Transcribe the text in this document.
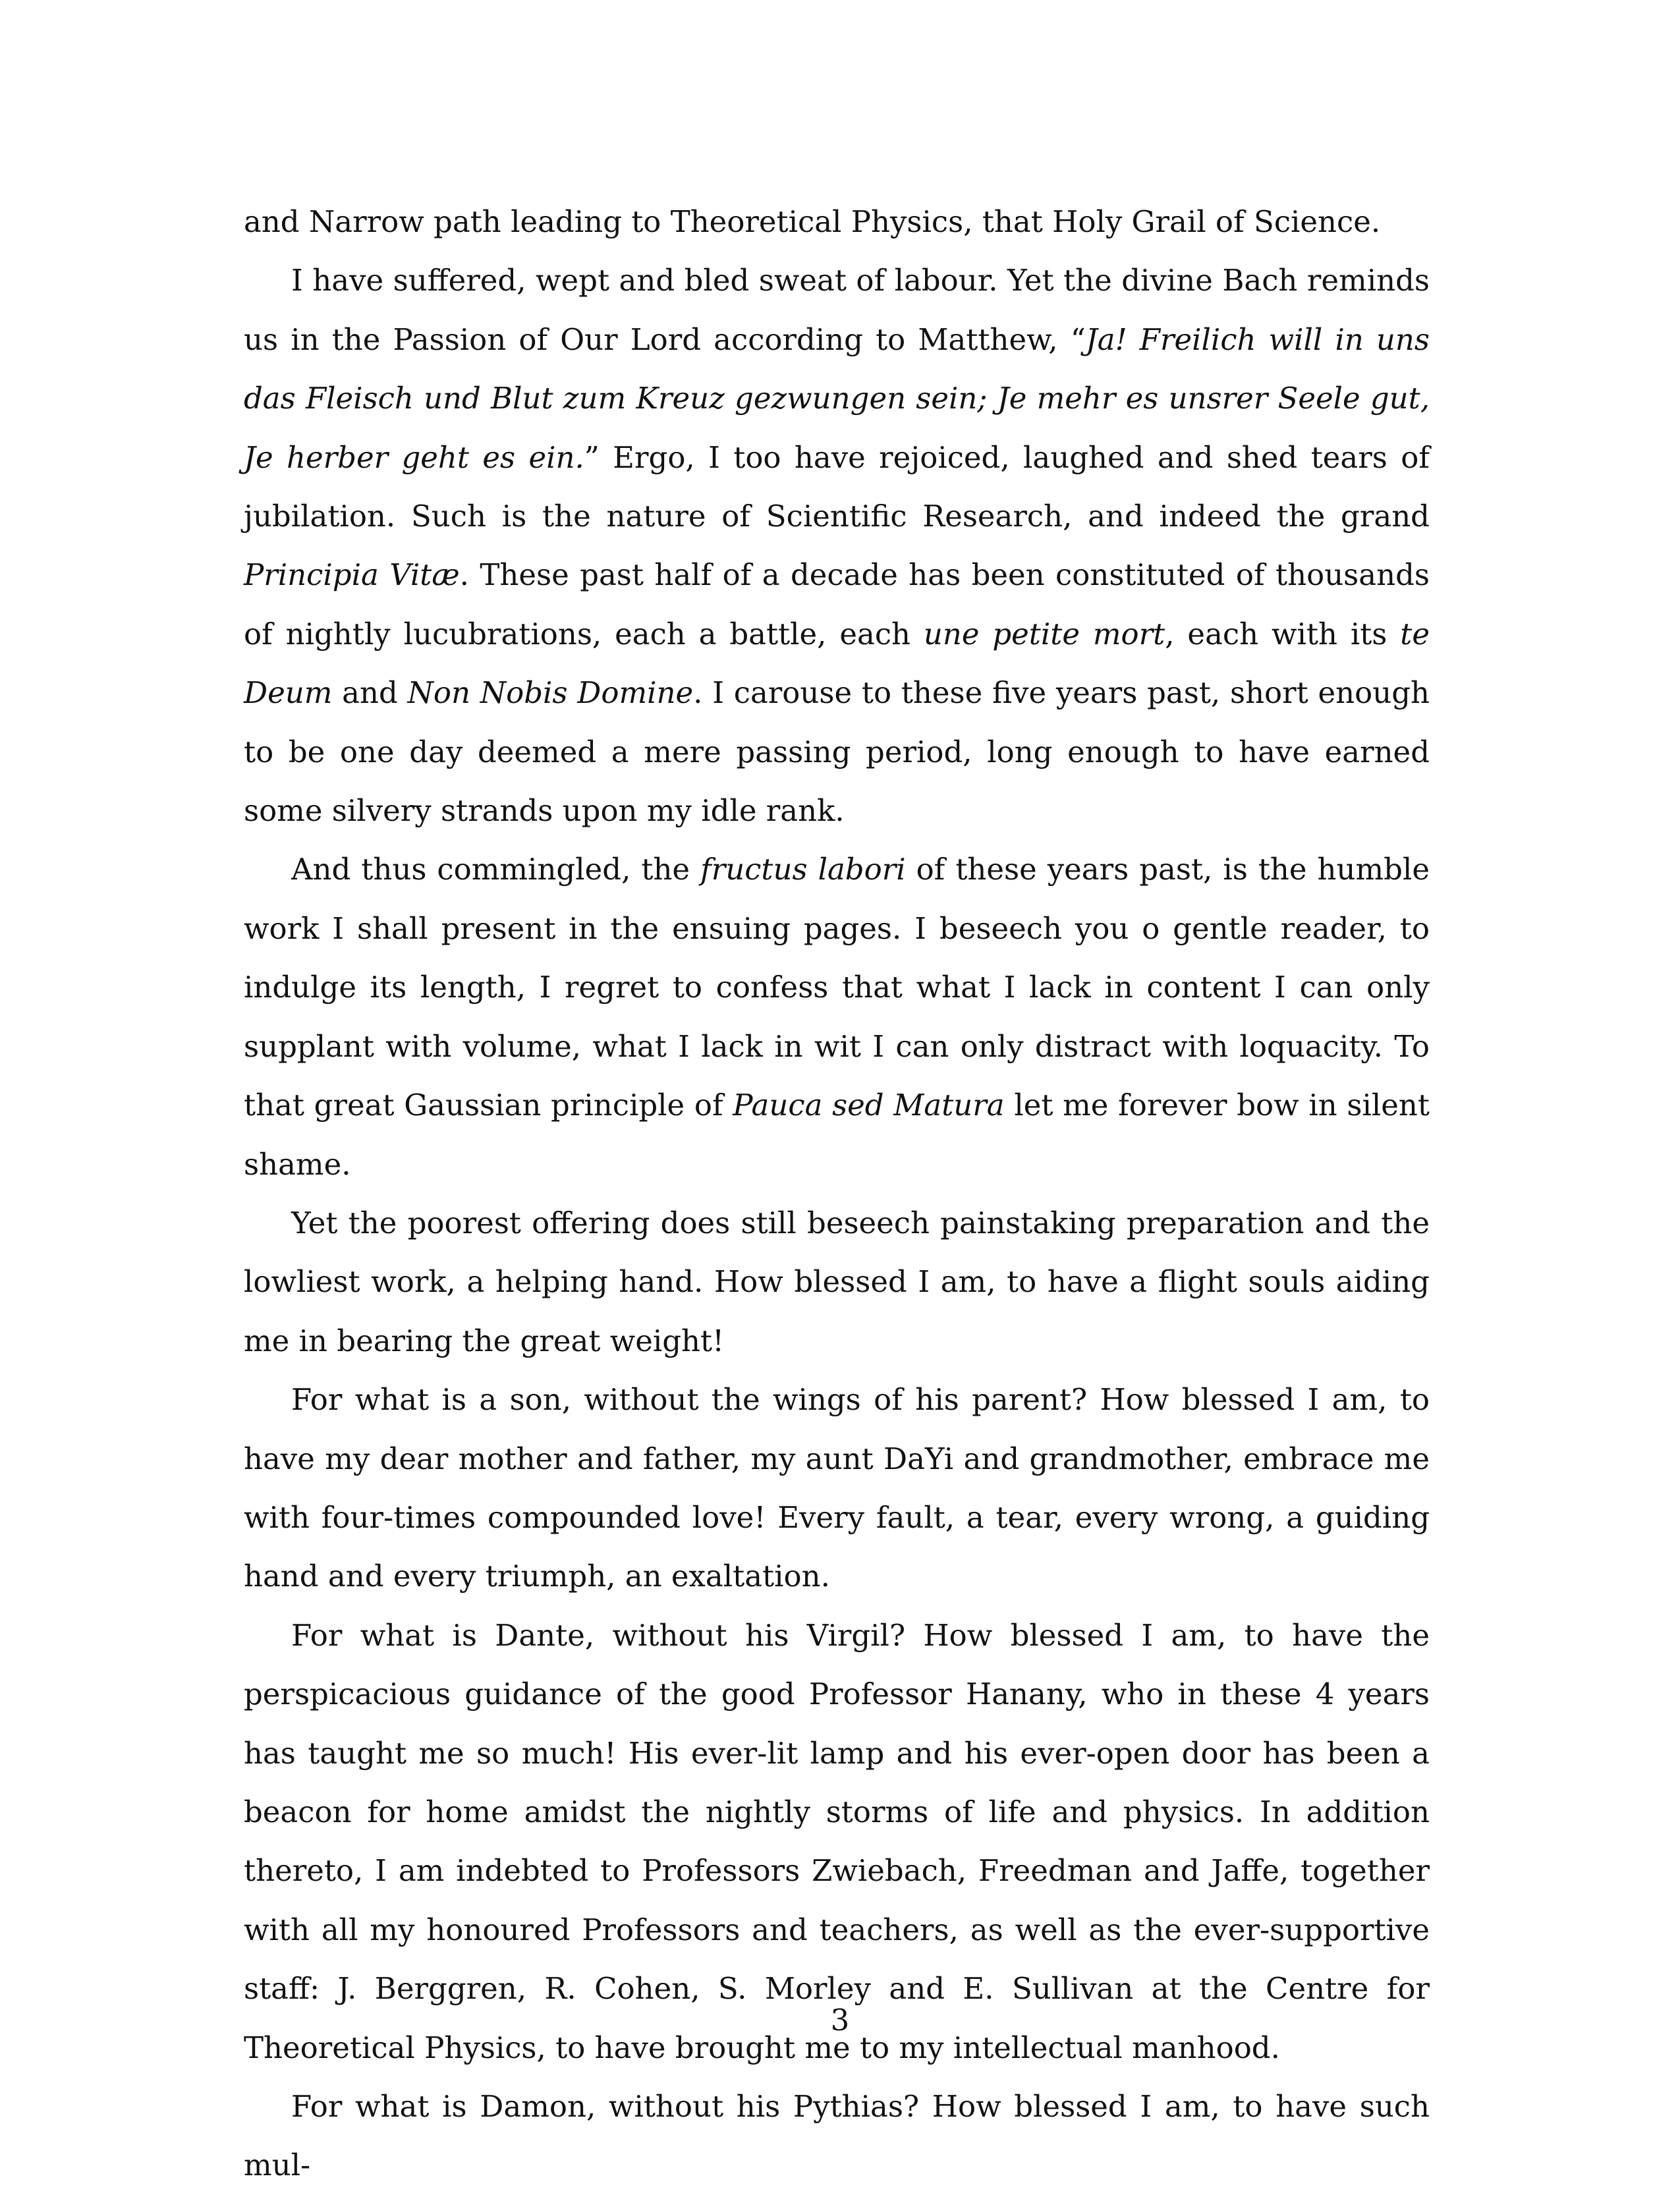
and Narrow path leading to Theoretical Physics, that Holy Grail of Science.

I have suffered, wept and bled sweat of labour. Yet the divine Bach reminds us in the Passion of Our Lord according to Matthew, “Ja! Freilich will in uns das Fleisch und Blut zum Kreuz gezwungen sein; Je mehr es unsrer Seele gut, Je herber geht es ein.” Ergo, I too have rejoiced, laughed and shed tears of jubilation. Such is the nature of Scientific Research, and indeed the grand Principia Vitæ. These past half of a decade has been constituted of thousands of nightly lucubrations, each a battle, each une petite mort, each with its te Deum and Non Nobis Domine. I carouse to these five years past, short enough to be one day deemed a mere passing period, long enough to have earned some silvery strands upon my idle rank.

And thus commingled, the fructus labori of these years past, is the humble work I shall present in the ensuing pages. I beseech you o gentle reader, to indulge its length, I regret to confess that what I lack in content I can only supplant with volume, what I lack in wit I can only distract with loquacity. To that great Gaussian principle of Pauca sed Matura let me forever bow in silent shame.

Yet the poorest offering does still beseech painstaking preparation and the lowliest work, a helping hand. How blessed I am, to have a flight souls aiding me in bearing the great weight!

For what is a son, without the wings of his parent? How blessed I am, to have my dear mother and father, my aunt DaYi and grandmother, embrace me with four-times compounded love! Every fault, a tear, every wrong, a guiding hand and every triumph, an exaltation.

For what is Dante, without his Virgil? How blessed I am, to have the perspicacious guidance of the good Professor Hanany, who in these 4 years has taught me so much! His ever-lit lamp and his ever-open door has been a beacon for home amidst the nightly storms of life and physics. In addition thereto, I am indebted to Professors Zwiebach, Freedman and Jaffe, together with all my honoured Professors and teachers, as well as the ever-supportive staff: J. Berggren, R. Cohen, S. Morley and E. Sullivan at the Centre for Theoretical Physics, to have brought me to my intellectual manhood.

For what is Damon, without his Pythias? How blessed I am, to have such mul-

3
